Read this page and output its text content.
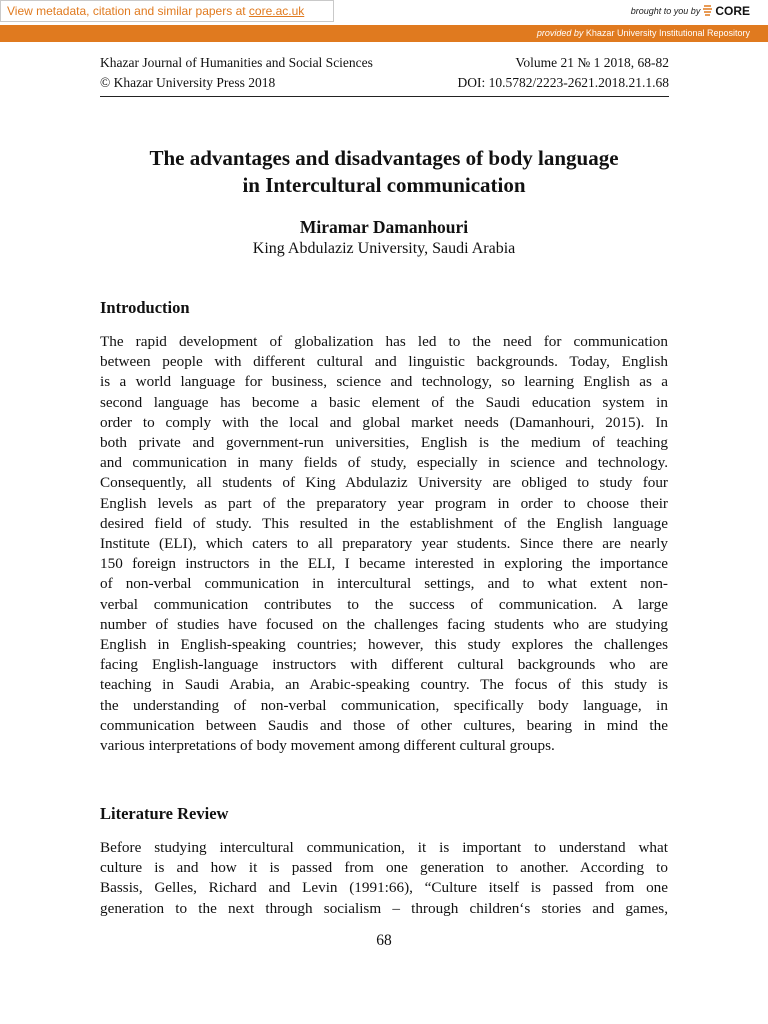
View metadata, citation and similar papers at core.ac.uk	brought to you by CORE
provided by Khazar University Institutional Repository
Khazar Journal of Humanities and Social Sciences	Volume 21 № 1 2018, 68-82
© Khazar University Press 2018	DOI: 10.5782/2223-2621.2018.21.1.68
The advantages and disadvantages of body language
in Intercultural communication
Miramar Damanhouri
King Abdulaziz University, Saudi Arabia
Introduction
The rapid development of globalization has led to the need for communication
between people with different cultural and linguistic backgrounds. Today, English
is a world language for business, science and technology, so learning English as a
second language has become a basic element of the Saudi education system in
order to comply with the local and global market needs (Damanhouri, 2015). In
both private and government-run universities, English is the medium of teaching
and communication in many fields of study, especially in science and technology.
Consequently, all students of King Abdulaziz University are obliged to study four
English levels as part of the preparatory year program in order to choose their
desired field of study. This resulted in the establishment of the English language
Institute (ELI), which caters to all preparatory year students. Since there are nearly
150 foreign instructors in the ELI, I became interested in exploring the importance
of non-verbal communication in intercultural settings, and to what extent non-
verbal communication contributes to the success of communication. A large
number of studies have focused on the challenges facing students who are studying
English in English-speaking countries; however, this study explores the challenges
facing English-language instructors with different cultural backgrounds who are
teaching in Saudi Arabia, an Arabic-speaking country. The focus of this study is
the understanding of non-verbal communication, specifically body language, in
communication between Saudis and those of other cultures, bearing in mind the
various interpretations of body movement among different cultural groups.
Literature Review
Before studying intercultural communication, it is important to understand what
culture is and how it is passed from one generation to another. According to
Bassis, Gelles, Richard and Levin (1991:66), “Culture itself is passed from one
generation to the next through socialism – through children‘s stories and games,
68
